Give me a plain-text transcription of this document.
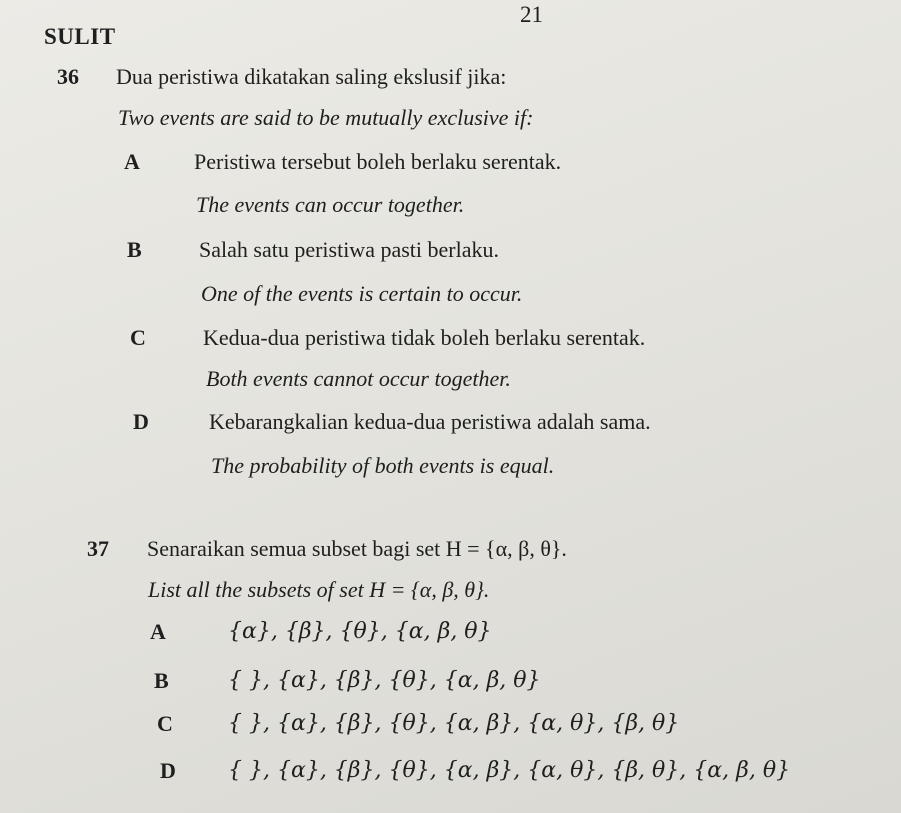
21
SULIT
36 Dua peristiwa dikatakan saling ekslusif jika:
Two events are said to be mutually exclusive if:
A Peristiwa tersebut boleh berlaku serentak.
The events can occur together.
B	Salah satu peristiwa pasti berlaku.
One of the events is certain to occur.
C	Kedua-dua peristiwa tidak boleh berlaku serentak.
Both events cannot occur together.
D	Kebarangkalian kedua-dua peristiwa adalah sama.
The probability of both events is equal.
37 Senaraikan semua subset bagi set H = {α, β, θ}.
List all the subsets of set H = {α, β, θ}.
A	{α}, {β}, {θ}, {α, β, θ}
B	{ }, {α}, {β}, {θ}, {α, β, θ}
C	{ }, {α}, {β}, {θ}, {α, β}, {α, θ}, {β, θ}
D { }, {α}, {β}, {θ}, {α, β}, {α, θ}, {β, θ}, {α, β, θ}
